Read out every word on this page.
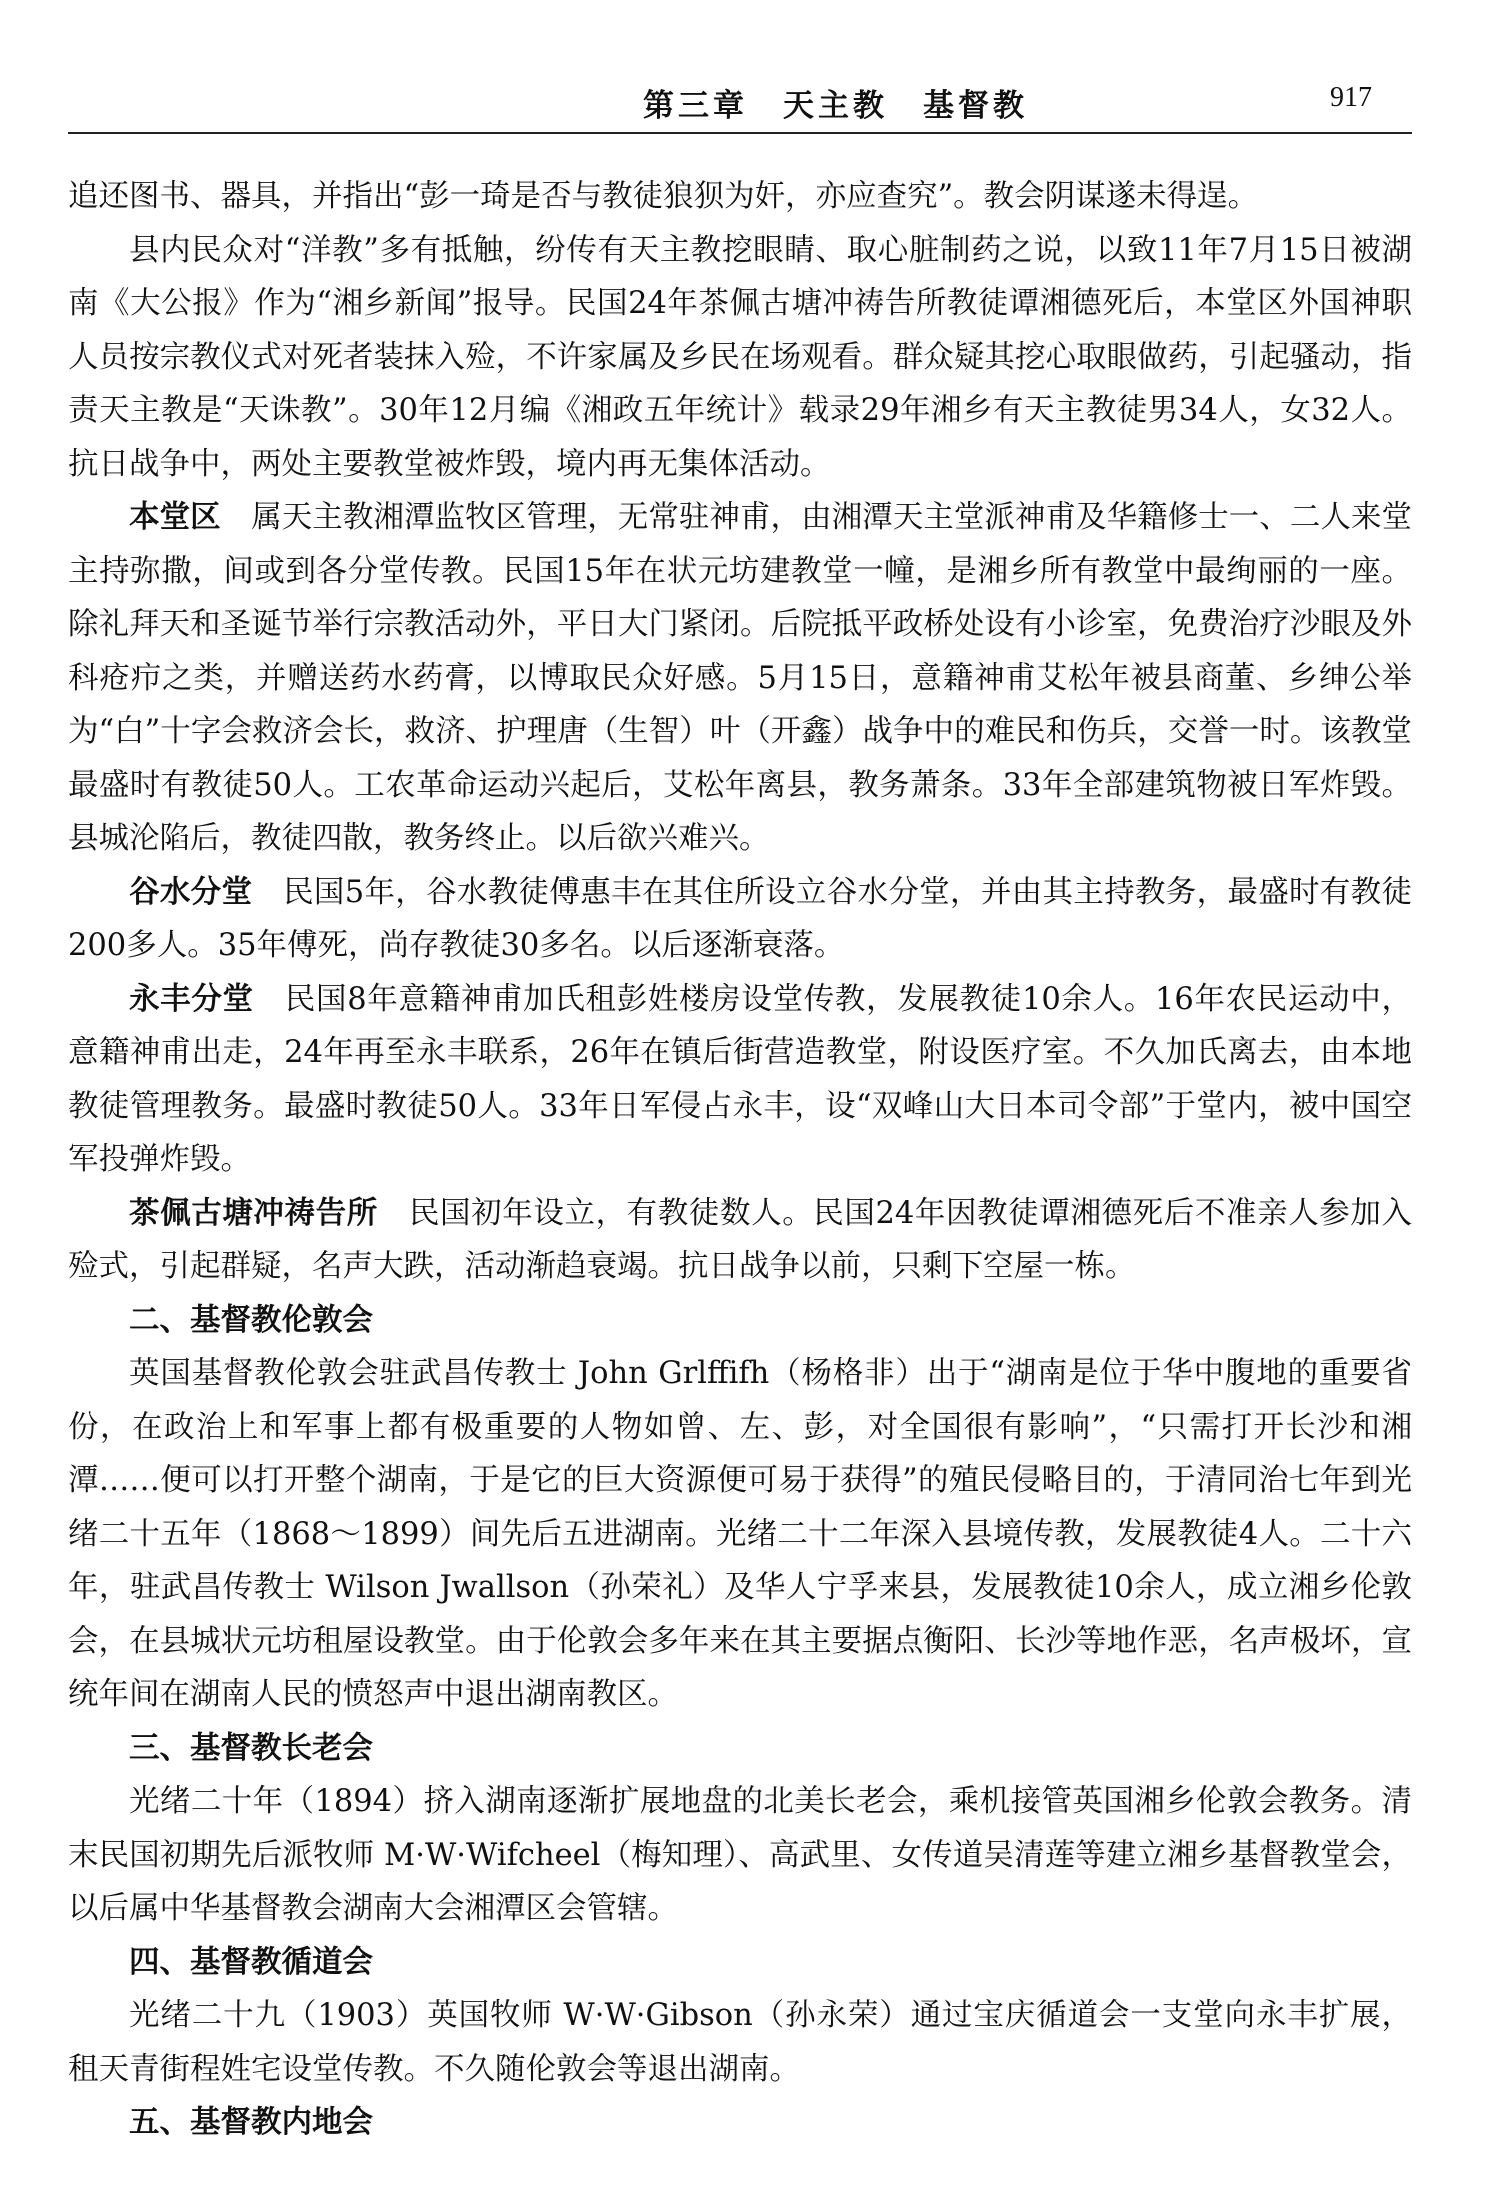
第三章　天主教　基督教	917

追还图书、器具，并指出“彭一琦是否与教徒狼狈为奸，亦应查究”。教会阴谋遂未得逞。

县内民众对“洋教”多有抵触，纷传有天主教挖眼睛、取心脏制药之说，以致11年7月15日被湖南《大公报》作为“湘乡新闻”报导。民国24年茶佩古塘冲祷告所教徒谭湘德死后，本堂区外国神职人员按宗教仪式对死者装抹入殓，不许家属及乡民在场观看。群众疑其挖心取眼做药，引起骚动，指责天主教是“天诛教”。30年12月编《湘政五年统计》载录29年湘乡有天主教徒男34人，女32人。抗日战争中，两处主要教堂被炸毁，境内再无集体活动。

本堂区　属天主教湘潭监牧区管理，无常驻神甫，由湘潭天主堂派神甫及华籍修士一、二人来堂主持弥撒，间或到各分堂传教。民国15年在状元坊建教堂一幢，是湘乡所有教堂中最绚丽的一座。除礼拜天和圣诞节举行宗教活动外，平日大门紧闭。后院抵平政桥处设有小诊室，免费治疗沙眼及外科疮疖之类，并赠送药水药膏，以博取民众好感。5月15日，意籍神甫艾松年被县商董、乡绅公举为“白”十字会救济会长，救济、护理唐（生智）叶（开鑫）战争中的难民和伤兵，交誉一时。该教堂最盛时有教徒50人。工农革命运动兴起后，艾松年离县，教务萧条。33年全部建筑物被日军炸毁。县城沦陷后，教徒四散，教务终止。以后欲兴难兴。

谷水分堂　民国5年，谷水教徒傅惠丰在其住所设立谷水分堂，并由其主持教务，最盛时有教徒200多人。35年傅死，尚存教徒30多名。以后逐渐衰落。

永丰分堂　民国8年意籍神甫加氏租彭姓楼房设堂传教，发展教徒10余人。16年农民运动中，意籍神甫出走，24年再至永丰联系，26年在镇后街营造教堂，附设医疗室。不久加氏离去，由本地教徒管理教务。最盛时教徒50人。33年日军侵占永丰，设“双峰山大日本司令部”于堂内，被中国空军投弹炸毁。

茶佩古塘冲祷告所　民国初年设立，有教徒数人。民国24年因教徒谭湘德死后不准亲人参加入殓式，引起群疑，名声大跌，活动渐趋衰竭。抗日战争以前，只剩下空屋一栋。

二、基督教伦敦会

英国基督教伦敦会驻武昌传教士 John Grlffifh（杨格非）出于“湖南是位于华中腹地的重要省份，在政治上和军事上都有极重要的人物如曾、左、彭，对全国很有影响”，“只需打开长沙和湘潭……便可以打开整个湖南，于是它的巨大资源便可易于获得”的殖民侵略目的，于清同治七年到光绪二十五年（1868～1899）间先后五进湖南。光绪二十二年深入县境传教，发展教徒4人。二十六年，驻武昌传教士 Wilson Jwallson（孙荣礼）及华人宁孚来县，发展教徒10余人，成立湘乡伦敦会，在县城状元坊租屋设教堂。由于伦敦会多年来在其主要据点衡阳、长沙等地作恶，名声极坏，宣统年间在湖南人民的愤怒声中退出湖南教区。

三、基督教长老会

光绪二十年（1894）挤入湖南逐渐扩展地盘的北美长老会，乘机接管英国湘乡伦敦会教务。清末民国初期先后派牧师 M·W·Wifcheel（梅知理）、高武里、女传道吴清莲等建立湘乡基督教堂会，以后属中华基督教会湖南大会湘潭区会管辖。

四、基督教循道会

光绪二十九（1903）英国牧师 W·W·Gibson（孙永荣）通过宝庆循道会一支堂向永丰扩展，租天青街程姓宅设堂传教。不久随伦敦会等退出湖南。

五、基督教内地会
